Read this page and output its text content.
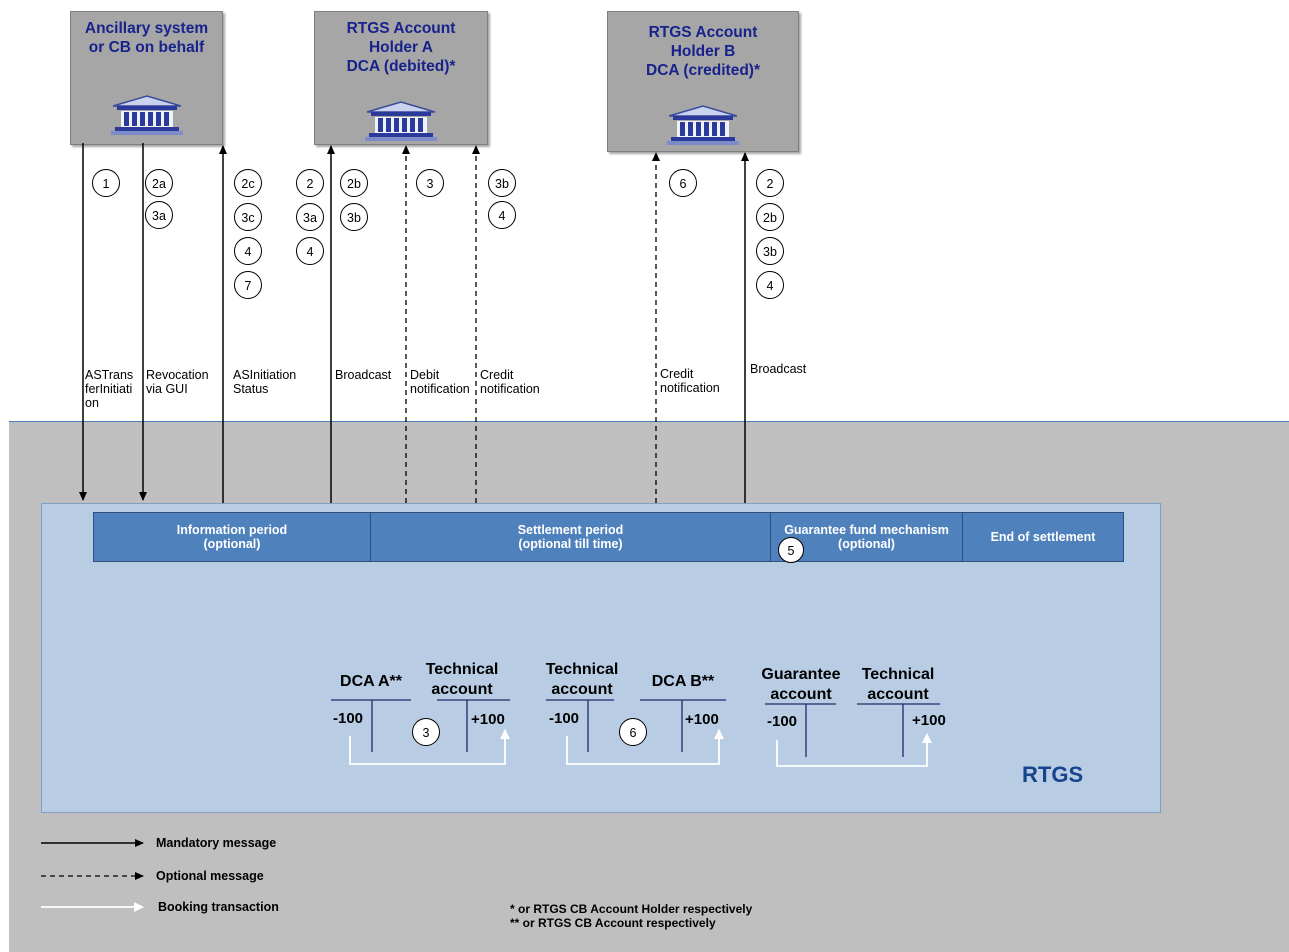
Ancillary system
or CB on behalf
RTGS Account
Holder A
DCA (debited)*
RTGS Account
Holder B
DCA (credited)*
ASTrans
ferInitiati
on
Revocation
via GUI
ASInitiation
Status
Broadcast Debit
notification
Credit
notification
Credit
notification
Broadcast
1	2a
3a
2c
3c
4
7
2
3a
4
2b
3b
3	3b
4
6	2
2b
3b
4
Information period
(optional)
Settlement period
(optional till time)
Guarantee fund mechanism
(optional)	End of settlement
5
DCA A**
Technical
account
Technical
account	DCA B**	Guarantee
account
Technical
account
-100	+100	-100	+100	-100	+100
3	6
RTGS
Mandatory message
Optional message
Booking transaction	* or RTGS CB Account Holder respectively
** or RTGS CB Account respectively
